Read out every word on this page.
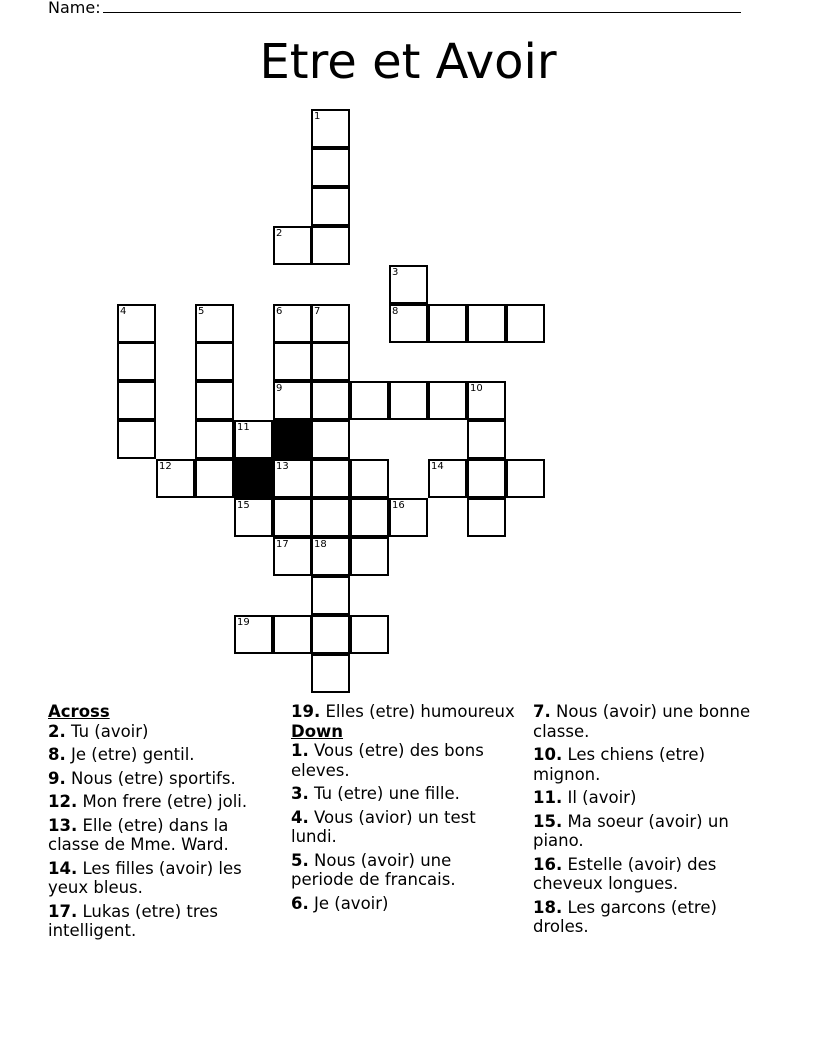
Name:
Etre et Avoir
1
2
3
4	5	6	7	8
9	10
11
12	13	14
15	16
17	18
19
Across
2. Tu (avoir)
8. Je (etre) gentil.
9. Nous (etre) sportifs.
12. Mon frere (etre) joli.
13. Elle (etre) dans la classe de Mme. Ward.
14. Les filles (avoir) les yeux bleus.
17. Lukas (etre) tres intelligent.
19. Elles (etre) humoureux
Down
1. Vous (etre) des bons eleves.
3. Tu (etre) une fille.
4. Vous (avior) un test lundi.
5. Nous (avoir) une periode de francais.
6. Je (avoir)
7. Nous (avoir) une bonne classe.
10. Les chiens (etre) mignon.
11. Il (avoir)
15. Ma soeur (avoir) un piano.
16. Estelle (avoir) des cheveux longues.
18. Les garcons (etre) droles.
